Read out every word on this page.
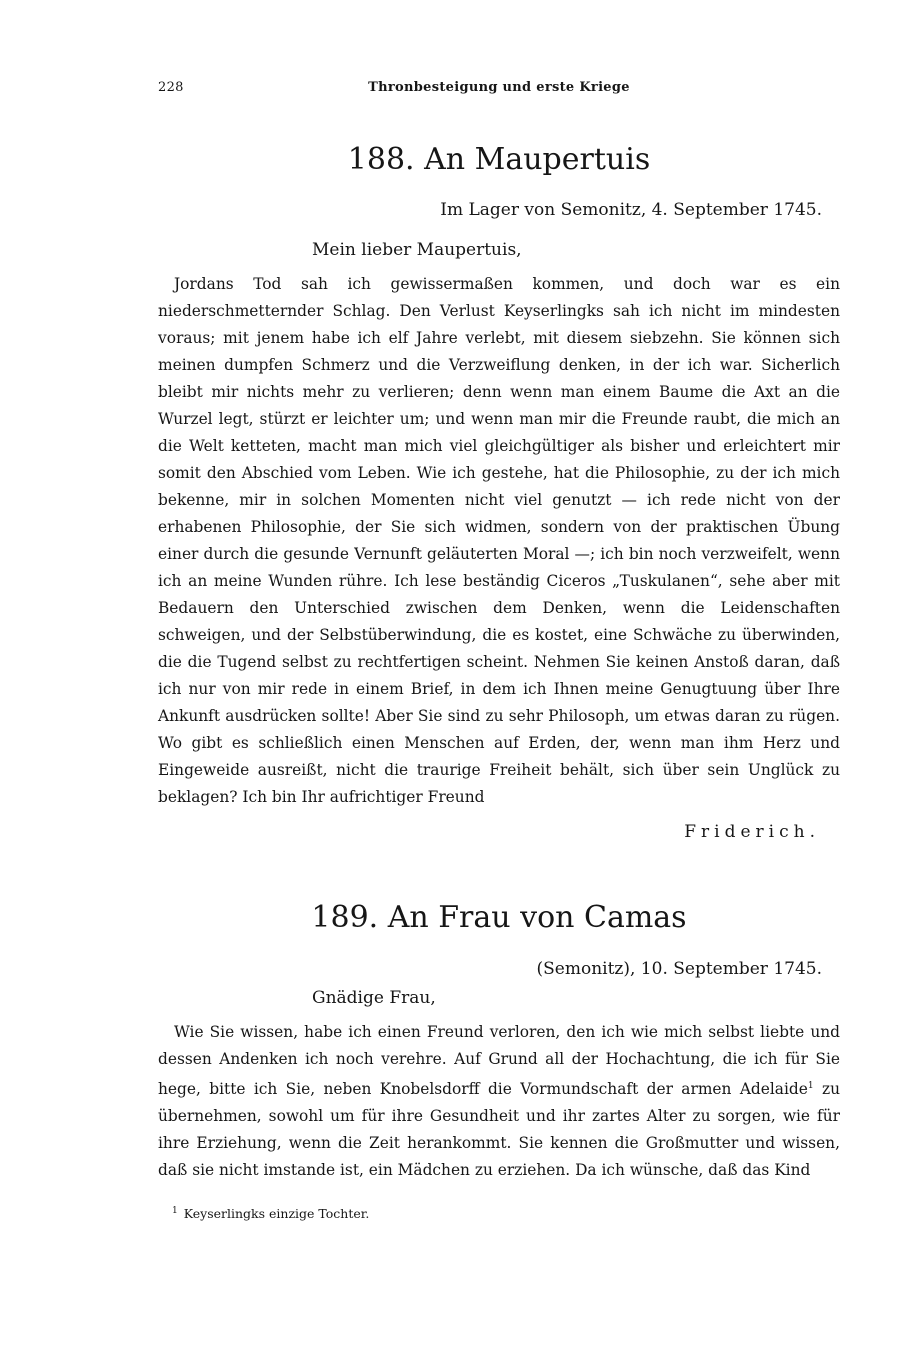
228	Thronbesteigung und erste Kriege
188. An Maupertuis
Im Lager von Semonitz, 4. September 1745.
Mein lieber Maupertuis,

Jordans Tod sah ich gewissermaßen kommen, und doch war es ein niederschmetternder Schlag. Den Verlust Keyserlingks sah ich nicht im mindesten voraus; mit jenem habe ich elf Jahre verlebt, mit diesem siebzehn. Sie können sich meinen dumpfen Schmerz und die Verzweiflung denken, in der ich war. Sicherlich bleibt mir nichts mehr zu verlieren; denn wenn man einem Baume die Axt an die Wurzel legt, stürzt er leichter um; und wenn man mir die Freunde raubt, die mich an die Welt ketteten, macht man mich viel gleichgültiger als bisher und erleichtert mir somit den Abschied vom Leben. Wie ich gestehe, hat die Philosophie, zu der ich mich bekenne, mir in solchen Momenten nicht viel genutzt — ich rede nicht von der erhabenen Philosophie, der Sie sich widmen, sondern von der praktischen Übung einer durch die gesunde Vernunft geläuterten Moral —; ich bin noch verzweifelt, wenn ich an meine Wunden rühre. Ich lese beständig Ciceros „Tuskulanen“, sehe aber mit Bedauern den Unterschied zwischen dem Denken, wenn die Leidenschaften schweigen, und der Selbstüberwindung, die es kostet, eine Schwäche zu überwinden, die die Tugend selbst zu rechtfertigen scheint. Nehmen Sie keinen Anstoß daran, daß ich nur von mir rede in einem Brief, in dem ich Ihnen meine Genugtuung über Ihre Ankunft ausdrücken sollte! Aber Sie sind zu sehr Philosoph, um etwas daran zu rügen. Wo gibt es schließlich einen Menschen auf Erden, der, wenn man ihm Herz und Eingeweide ausreißt, nicht die traurige Freiheit behält, sich über sein Unglück zu beklagen? Ich bin Ihr aufrichtiger Freund

Friderich.
189. An Frau von Camas
(Semonitz), 10. September 1745.
Gnädige Frau,

Wie Sie wissen, habe ich einen Freund verloren, den ich wie mich selbst liebte und dessen Andenken ich noch verehre. Auf Grund all der Hochachtung, die ich für Sie hege, bitte ich Sie, neben Knobelsdorff die Vormundschaft der armen Adelaide$^1$ zu übernehmen, sowohl um für ihre Gesundheit und ihr zartes Alter zu sorgen, wie für ihre Erziehung, wenn die Zeit herankommt. Sie kennen die Großmutter und wissen, daß sie nicht imstande ist, ein Mädchen zu erziehen. Da ich wünsche, daß das Kind

$^1$ Keyserlingks einzige Tochter.
